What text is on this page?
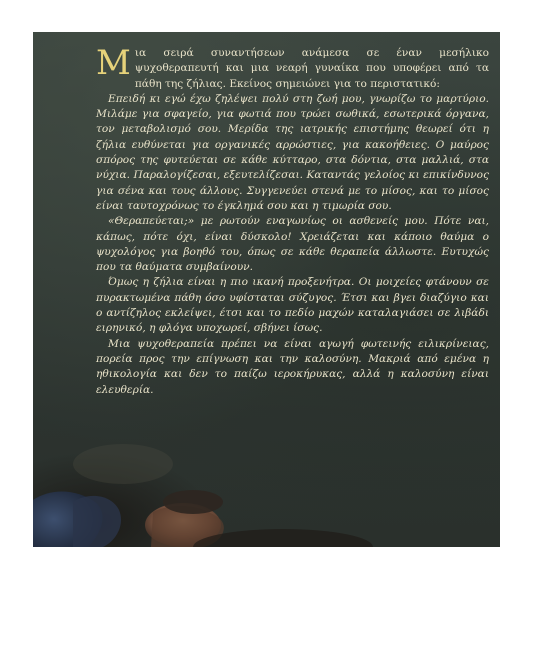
Μια σειρά συναντήσεων ανάμεσα σε έναν μεσήλικο ψυχοθεραπευτή και μια νεαρή γυναίκα που υποφέρει από τα πάθη της ζήλιας. Εκείνος σημειώνει για το περιστατικό:

Επειδή κι εγώ έχω ζηλέψει πολύ στη ζωή μου, γνωρίζω το μαρτύριο. Μιλάμε για σφαγείο, για φωτιά που τρώει σωθικά, εσωτερικά όργανα, τον μεταβολισμό σου. Μερίδα της ιατρικής επιστήμης θεωρεί ότι η ζήλια ευθύνεται για οργανικές αρρώστιες, για κακοήθειες. Ο μαύρος σπόρος της φυτεύεται σε κάθε κύτταρο, στα δόντια, στα μαλλιά, στα νύχια. Παραλογίζεσαι, εξευτελίζεσαι. Καταντάς γελοίος κι επικίνδυνος για σένα και τους άλλους. Συγγενεύει στενά με το μίσος, και το μίσος είναι ταυτοχρόνως το έγκλημά σου και η τιμωρία σου.

«Θεραπεύεται;» με ρωτούν εναγωνίως οι ασθενείς μου. Πότε ναι, κάπως, πότε όχι, είναι δύσκολο! Χρειάζεται και κάποιο θαύμα ο ψυχολόγος για βοηθό του, όπως σε κάθε θεραπεία άλλωστε. Ευτυχώς που τα θαύματα συμβαίνουν.

Όμως η ζήλια είναι η πιο ικανή προξενήτρα. Οι μοιχείες φτάνουν σε πυρακτωμένα πάθη όσο υφίσταται σύζυγος. Έτσι και βγει διαζύγιο και ο αντίζηλος εκλείψει, έτσι και το πεδίο μαχών καταλαγιάσει σε λιβάδι ειρηνικό, η φλόγα υποχωρεί, σβήνει ίσως.

Μια ψυχοθεραπεία πρέπει να είναι αγωγή φωτεινής ειλικρίνειας, πορεία προς την επίγνωση και την καλοσύνη. Μακριά από εμένα η ηθικολογία και δεν το παίζω ιεροκήρυκας, αλλά η καλοσύνη είναι ελευθερία.
